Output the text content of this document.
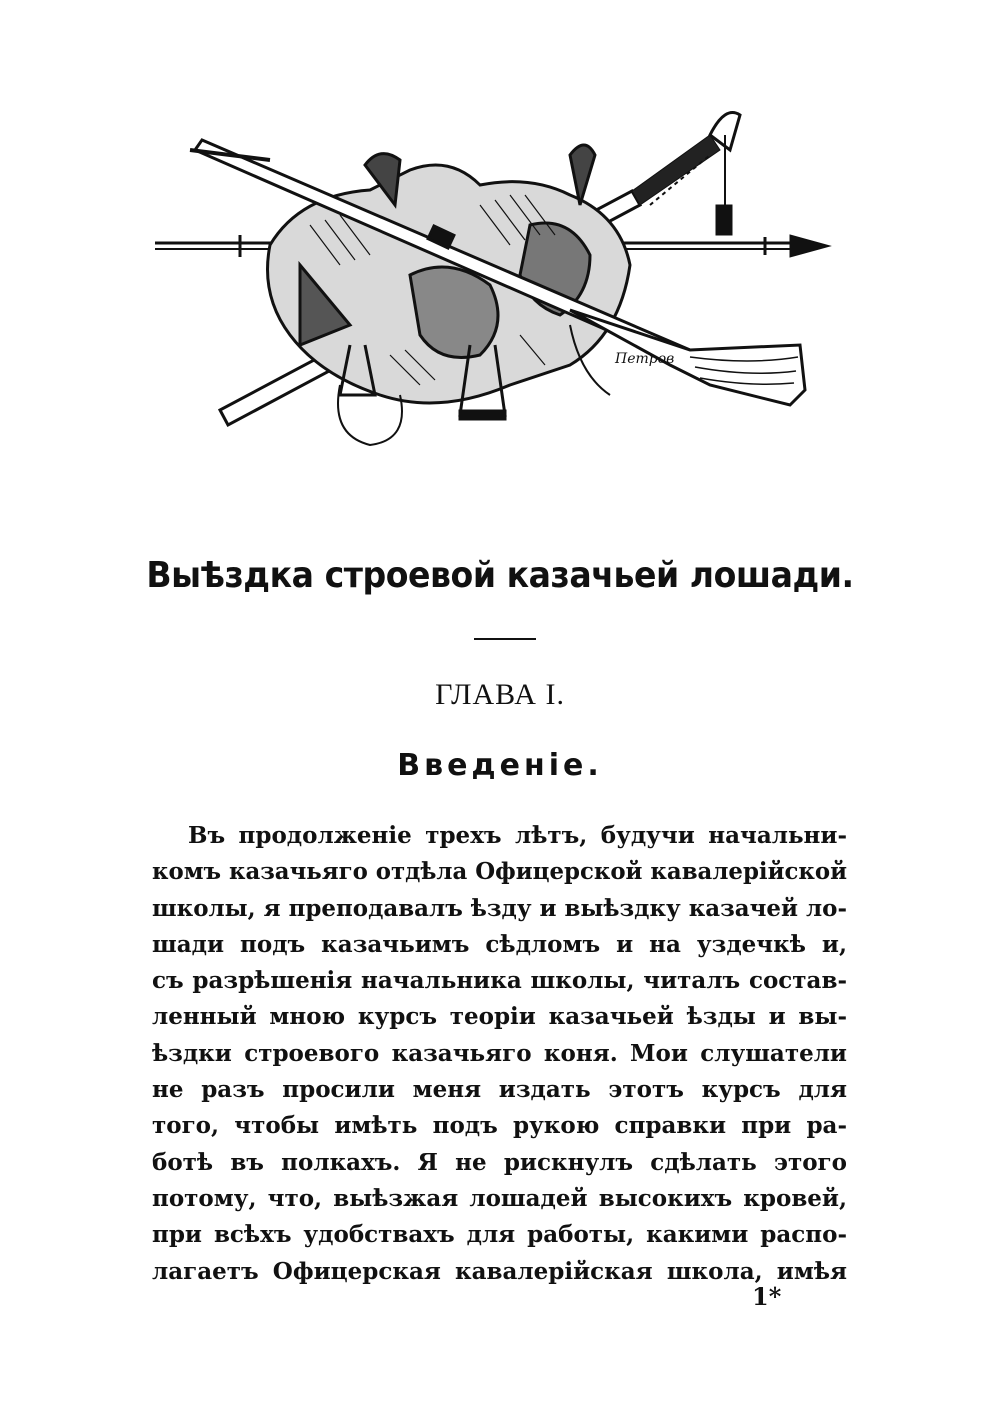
Петров
Выѣздка строевой казачьей лошади.
ГЛАВА I.
Введеніе.
Въ продолженіе трехъ лѣтъ, будучи начальни-
комъ казачьяго отдѣла Офицерской кавалерійской
школы, я преподавалъ ѣзду и выѣздку казачей ло-
шади подъ казачьимъ сѣдломъ и на уздечкѣ и,
съ разрѣшенія начальника школы, читалъ состав-
ленный мною курсъ теоріи казачьей ѣзды и вы-
ѣздки строевого казачьяго коня. Мои слушатели
не разъ просили меня издать этотъ курсъ для
того, чтобы имѣть подъ рукою справки при ра-
ботѣ въ полкахъ. Я не рискнулъ сдѣлать этого
потому, что, выѣзжая лошадей высокихъ кровей,
при всѣхъ удобствахъ для работы, какими распо-
лагаетъ Офицерская кавалерійская школа, имѣя
1*
